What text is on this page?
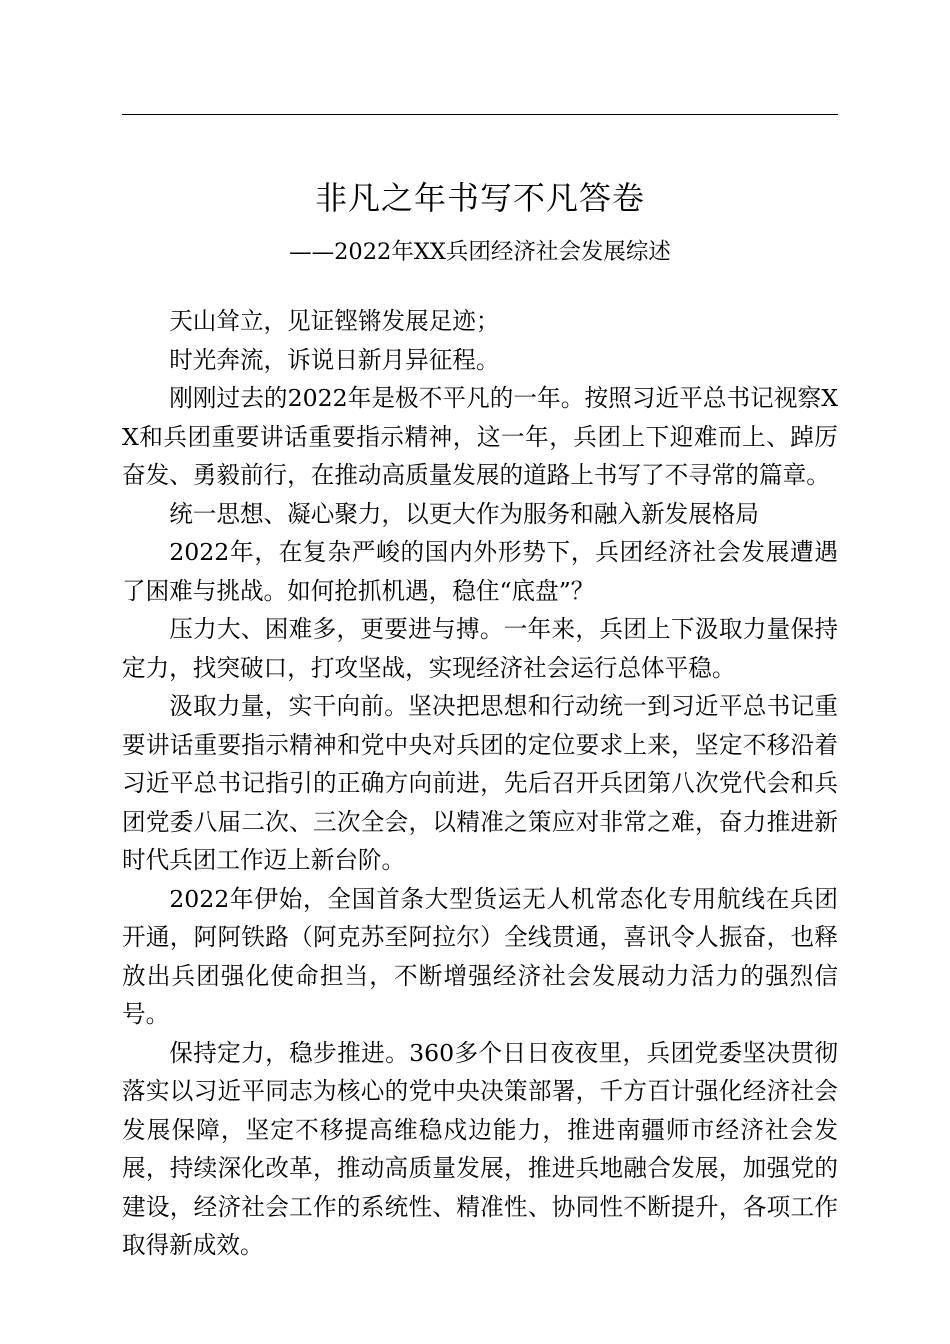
非凡之年书写不凡答卷
——2022年XX兵团经济社会发展综述

天山耸立，见证铿锵发展足迹；

时光奔流，诉说日新月异征程。

刚刚过去的2022年是极不平凡的一年。按照习近平总书记视察XX和兵团重要讲话重要指示精神，这一年，兵团上下迎难而上、踔厉奋发、勇毅前行，在推动高质量发展的道路上书写了不寻常的篇章。

统一思想、凝心聚力，以更大作为服务和融入新发展格局

2022年，在复杂严峻的国内外形势下，兵团经济社会发展遭遇了困难与挑战。如何抢抓机遇，稳住“底盘”？

压力大、困难多，更要进与搏。一年来，兵团上下汲取力量保持定力，找突破口，打攻坚战，实现经济社会运行总体平稳。

汲取力量，实干向前。坚决把思想和行动统一到习近平总书记重要讲话重要指示精神和党中央对兵团的定位要求上来，坚定不移沿着习近平总书记指引的正确方向前进，先后召开兵团第八次党代会和兵团党委八届二次、三次全会，以精准之策应对非常之难，奋力推进新时代兵团工作迈上新台阶。

2022年伊始，全国首条大型货运无人机常态化专用航线在兵团开通，阿阿铁路（阿克苏至阿拉尔）全线贯通，喜讯令人振奋，也释放出兵团强化使命担当，不断增强经济社会发展动力活力的强烈信号。

保持定力，稳步推进。360多个日日夜夜里，兵团党委坚决贯彻落实以习近平同志为核心的党中央决策部署，千方百计强化经济社会发展保障，坚定不移提高维稳戍边能力，推进南疆师市经济社会发展，持续深化改革，推动高质量发展，推进兵地融合发展，加强党的建设，经济社会工作的系统性、精准性、协同性不断提升，各项工作取得新成效。
